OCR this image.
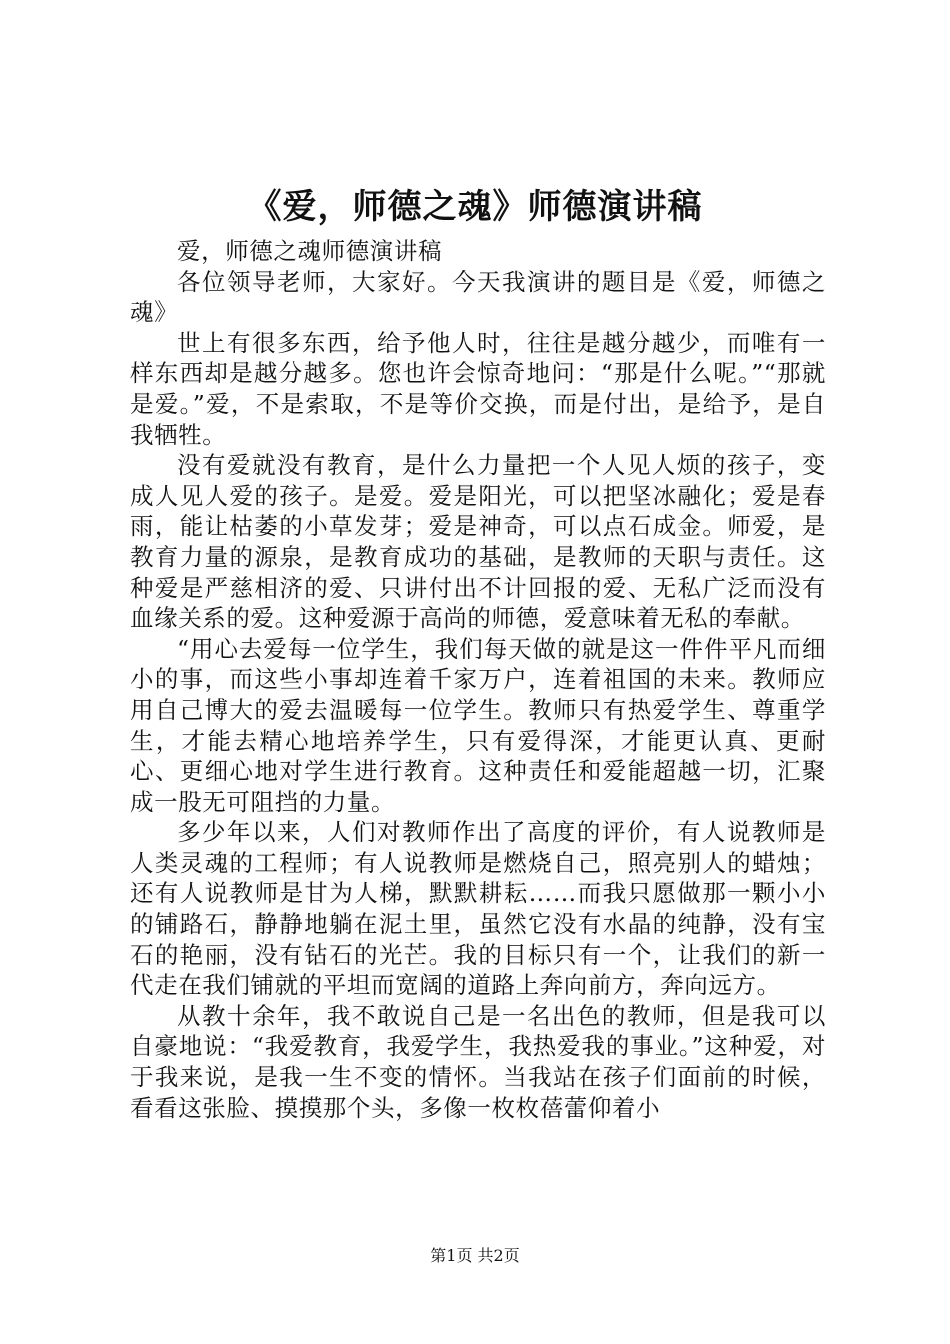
《爱，师德之魂》师德演讲稿

爱，师德之魂师德演讲稿

各位领导老师，大家好。今天我演讲的题目是《爱，师德之魂》

世上有很多东西，给予他人时，往往是越分越少，而唯有一样东西却是越分越多。您也许会惊奇地问：“那是什么呢。”“那就是爱。”爱，不是索取，不是等价交换，而是付出，是给予，是自我牺牲。

没有爱就没有教育，是什么力量把一个人见人烦的孩子，变成人见人爱的孩子。是爱。爱是阳光，可以把坚冰融化；爱是春雨，能让枯萎的小草发芽；爱是神奇，可以点石成金。师爱，是教育力量的源泉，是教育成功的基础，是教师的天职与责任。这种爱是严慈相济的爱、只讲付出不计回报的爱、无私广泛而没有血缘关系的爱。这种爱源于高尚的师德，爱意味着无私的奉献。

“用心去爱每一位学生，我们每天做的就是这一件件平凡而细小的事，而这些小事却连着千家万户，连着祖国的未来。教师应用自己博大的爱去温暖每一位学生。教师只有热爱学生、尊重学生，才能去精心地培养学生，只有爱得深，才能更认真、更耐心、更细心地对学生进行教育。这种责任和爱能超越一切，汇聚成一股无可阻挡的力量。

多少年以来，人们对教师作出了高度的评价，有人说教师是人类灵魂的工程师；有人说教师是燃烧自己，照亮别人的蜡烛；还有人说教师是甘为人梯，默默耕耘……而我只愿做那一颗小小的铺路石，静静地躺在泥土里，虽然它没有水晶的纯静，没有宝石的艳丽，没有钻石的光芒。我的目标只有一个，让我们的新一代走在我们铺就的平坦而宽阔的道路上奔向前方，奔向远方。

从教十余年，我不敢说自己是一名出色的教师，但是我可以自豪地说：“我爱教育，我爱学生，我热爱我的事业。”这种爱，对于我来说，是我一生不变的情怀。当我站在孩子们面前的时候，看看这张脸、摸摸那个头，多像一枚枚蓓蕾仰着小

第1页 共2页
